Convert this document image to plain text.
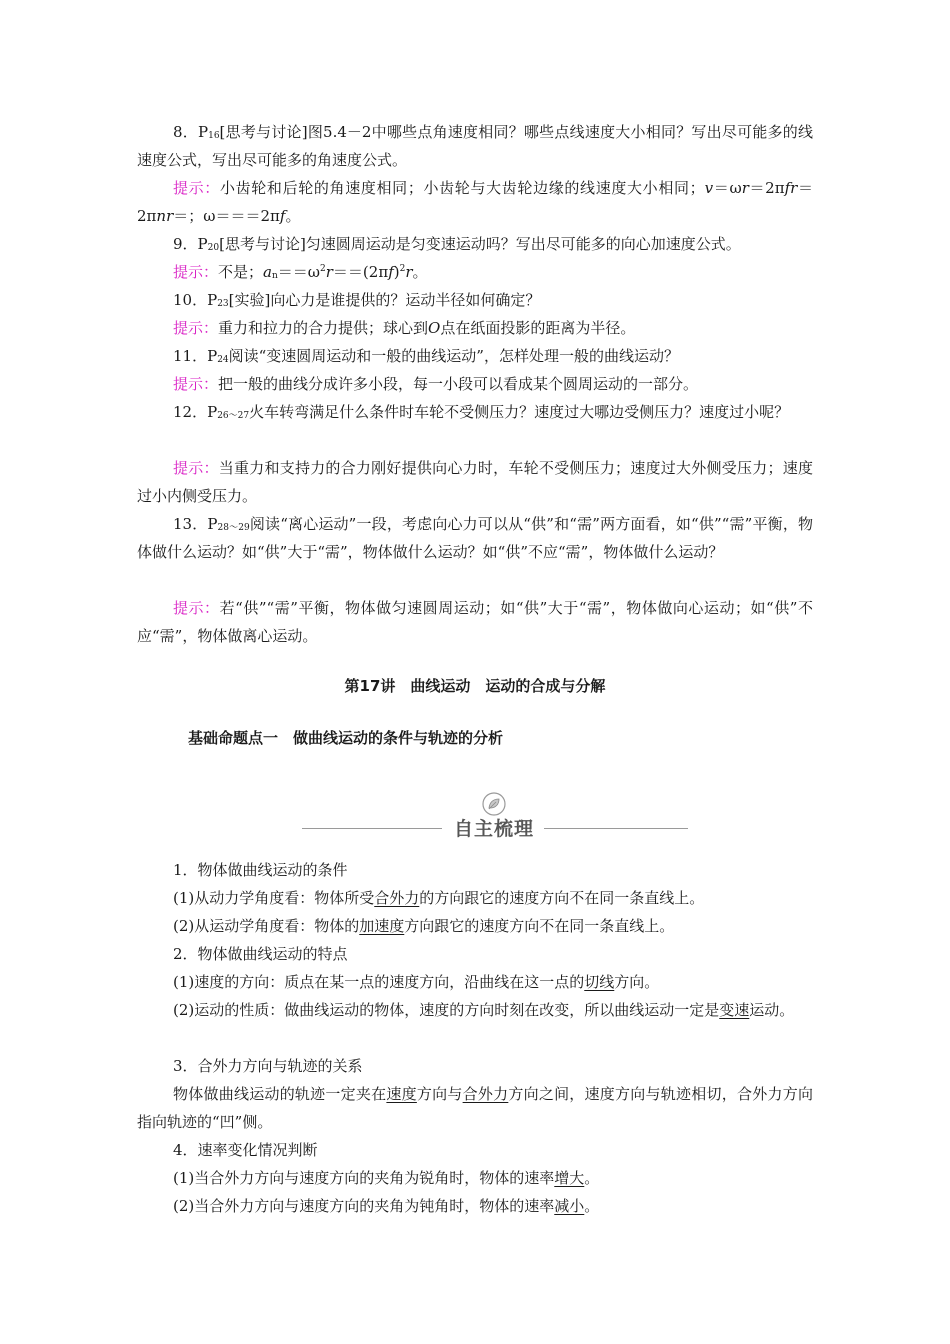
8．$P_{16}$[思考与讨论]图5.4－2中哪些点角速度相同？哪些点线速度大小相同？写出尽可能多的线速度公式，写出尽可能多的角速度公式。

提示：小齿轮和后轮的角速度相同；小齿轮与大齿轮边缘的线速度大小相同；v＝ωr＝2πfr＝2πnr＝；ω＝＝＝2πf。

9．$P_{20}$[思考与讨论]匀速圆周运动是匀变速运动吗？写出尽可能多的向心加速度公式。

提示：不是；$a_n==\omega^2r==(2\pi f)^2r$。

10．$P_{23}$[实验]向心力是谁提供的？运动半径如何确定？

提示：重力和拉力的合力提供；球心到O点在纸面投影的距离为半径。

11．$P_{24}$阅读“变速圆周运动和一般的曲线运动”，怎样处理一般的曲线运动？

提示：把一般的曲线分成许多小段，每一小段可以看成某个圆周运动的一部分。

12．$P_{26\sim 27}$火车转弯满足什么条件时车轮不受侧压力？速度过大哪边受侧压力？速度过小呢？

提示：当重力和支持力的合力刚好提供向心力时，车轮不受侧压力；速度过大外侧受压力；速度过小内侧受压力。

13．$P_{28\sim 29}$阅读“离心运动”一段，考虑向心力可以从“供”和“需”两方面看，如“供”“需”平衡，物体做什么运动？如“供”大于“需”，物体做什么运动？如“供”不应“需”，物体做什么运动？

提示：若“供”“需”平衡，物体做匀速圆周运动；如“供”大于“需”，物体做向心运动；如“供”不应“需”，物体做离心运动。

第17讲　曲线运动　运动的合成与分解
基础命题点一　做曲线运动的条件与轨迹的分析
自主梳理

1．物体做曲线运动的条件

(1)从动力学角度看：物体所受合外力的方向跟它的速度方向不在同一条直线上。

(2)从运动学角度看：物体的加速度方向跟它的速度方向不在同一条直线上。

2．物体做曲线运动的特点

(1)速度的方向：质点在某一点的速度方向，沿曲线在这一点的切线方向。

(2)运动的性质：做曲线运动的物体，速度的方向时刻在改变，所以曲线运动一定是变速运动。

3．合外力方向与轨迹的关系

物体做曲线运动的轨迹一定夹在速度方向与合外力方向之间，速度方向与轨迹相切，合外力方向指向轨迹的“凹”侧。

4．速率变化情况判断

(1)当合外力方向与速度方向的夹角为锐角时，物体的速率增大。

(2)当合外力方向与速度方向的夹角为钝角时，物体的速率减小。
